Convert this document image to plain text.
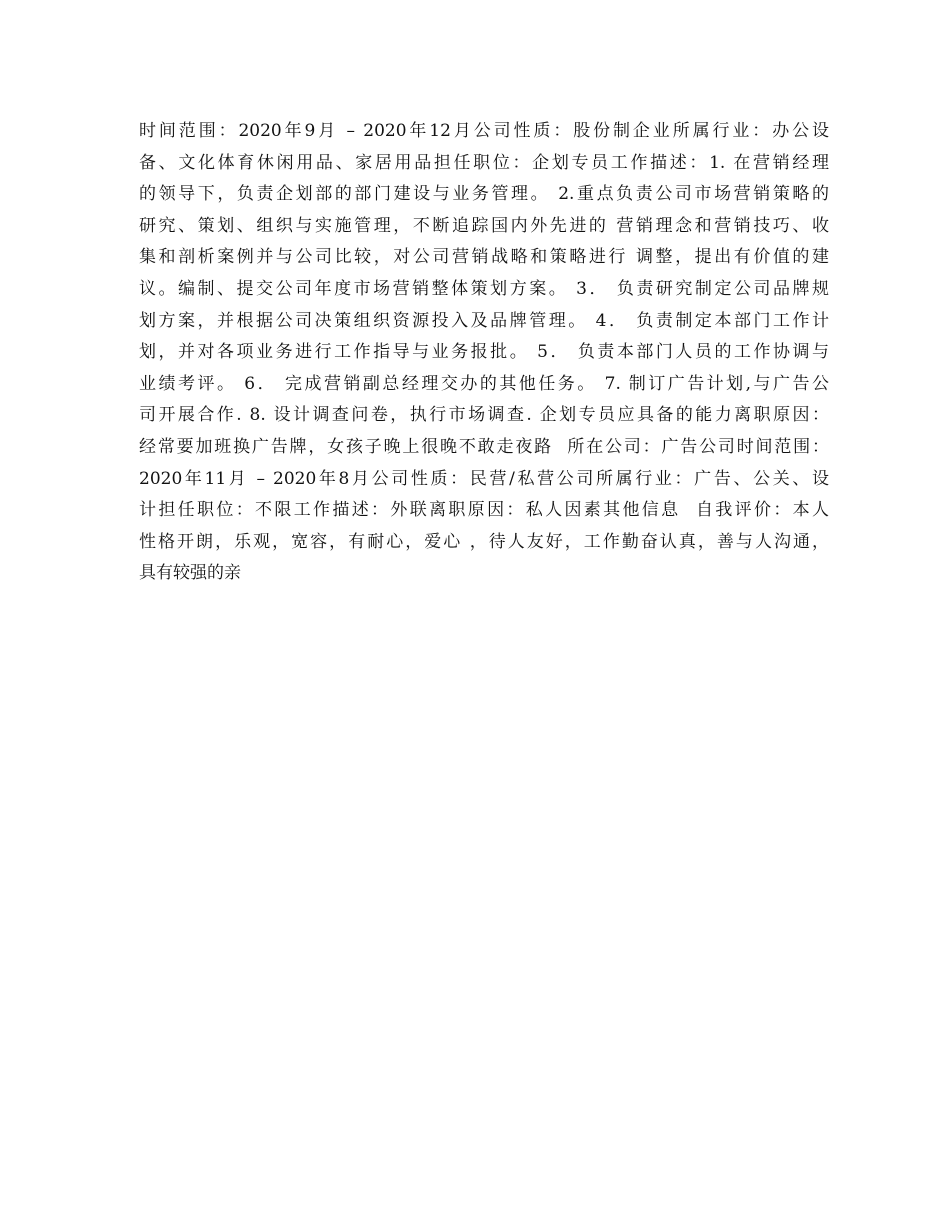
时间范围：2020年9月 – 2020年12月公司性质：股份制企业所属行业：办公设
备、文化体育休闲用品、家居用品担任职位：企划专员工作描述：1. 在营销经理
的领导下，负责企划部的部门建设与业务管理。 2.重点负责公司市场营销策略的
研究、策划、组织与实施管理，不断追踪国内外先进的 营销理念和营销技巧、收
集和剖析案例并与公司比较，对公司营销战略和策略进行 调整，提出有价值的建
议。编制、提交公司年度市场营销整体策划方案。 3． 负责研究制定公司品牌规
划方案，并根据公司决策组织资源投入及品牌管理。 4． 负责制定本部门工作计
划，并对各项业务进行工作指导与业务报批。 5． 负责本部门人员的工作协调与
业绩考评。 6． 完成营销副总经理交办的其他任务。 7. 制订广告计划,与广告公
司开展合作. 8. 设计调查问卷，执行市场调查. 企划专员应具备的能力离职原因：
经常要加班换广告牌，女孩子晚上很晚不敢走夜路  所在公司：广告公司时间范围：
2020年11月 – 2020年8月公司性质：民营/私营公司所属行业：广告、公关、设
计担任职位：不限工作描述：外联离职原因：私人因素其他信息  自我评价：本人
性格开朗，乐观，宽容，有耐心，爱心 ，待人友好，工作勤奋认真，善与人沟通，
具有较强的亲
